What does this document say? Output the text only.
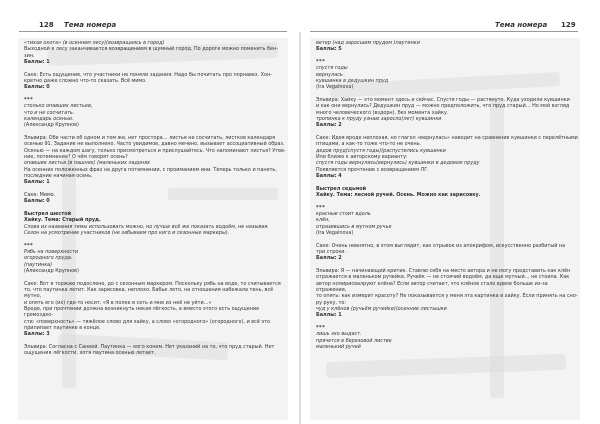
128 Тема номера	Тема номера 129

«тихая охота» (в осеннем лесу)(возвращаясь в город)

Выходной в лесу заканчивается возвращением в шумный город. По дороге можно поменять бен-

зин.

Баллы: 1

Саке: Есть ощущение, что участники не поняли задания. Надо бы почитать про порнавез. Хон-

кретно даже сложно что-то сказать. Всё мимо.

Баллы: 0

***

столько опавших листьев,

что и не сосчитать.

календарь осенью.

(Александр Крупнов)

Эльвира: Обе части об одном и том же, нет простора… листья не сосчитать, листков календаря

осенью 91. Задание не выполнено. Часто увидимое, давно мечено, вызывает ассоциативный образ.

Осенью — на каждом шагу, только присмотреться и прислушайтесь. Что напоминают листья? Утве-

ние, потемнение? О чём говорят осень?

опавшие листья (в пашнях) (маленьких ладонях

На осенних положенных фраз на друга потемнении, с проиманием ини. Теперь только и панеть,

последние начиная осень.

Баллы: 1

Саке: Мимо.

Баллы: 0

Выстрел шестой

Хайку. Тема: Старый пруд.

Слова из названия темы использовать можно, но лучше всё же показать водоём, не называя.

Сезон на усмотрение участников (не забываем про киго и сезонные маркеры).

***

Рябь на поверхности

огородного пруда.

(паутинка)

(Александр Крупнов)

Саке: Вот я торжаю подослено, до с сезонным маркером. Поскольку рябь на воде, то считывается

то, что паутинка летит. Как зарисовка, неплохо. Бабье лето, на отношения набежала тень, всё мутно,

и опять его (их) где-то носит. «Я в полке в сеть и мне из неё не уйти…»

Вроде, при прочтении должна возникнуть некая лёгкость, а вместо этого есть ощущение громоздко-

сти: «поверхность» — тяжёлое слово для хайку, а слово «огородного» (огородного), и всё это

прилипает паутинке в конце.

Баллы: 3

Эльвира: Согласна с Санеей. Паутинка — кого конем. Нет указаний на то, что пруд старый. Нет

ощущения лёгкости, хотя паутина осенью летает.

ветер (над заросшим прудом )паутинки

Баллы: 5

***

спустя годы

вернулась

кувшинка в дедушкин пруд

(Ira Vegalnova)

Эльвира: Хайку — это момент здесь и сейчас. Спустя годы — растянуто. Куда уходили кувшинки

и как они вернулись? Дедушкин пруд — можно предположить, что пруд старый… Но мой взгляд

много человеческого (вздорн), без момента хайку.

тропинка к пруду узнаю заросло(лет) кувшинки

Баллы: 2

Саке: Идея вроде неплохая, но глагол «вернулась» наводит на сравнение кувшинки с перелётными

птицами, а как-то тоже что-то не очень.

дедов пруд(спустя годы)(распустились кувшинки

Или ближе к авторскому варианту:

спустя годы вернулись(вернулись) кувшинки в дедовом пруду

Появляется прочтение с возвращением ЛГ.

Баллы: 4

Выстрел седьмой

Хайку. Тема: лесной ручей. Осень. Можно как зарисовку.

***

красные стоит вдоль

клён,

отразившись в мутном ручье

(Ira Vegalnova)

Саке: Очень невнятно, в этом выглядит, как отрывок из апокрифом, искусственно разбитый на

три строки.

Баллы: 2

Эльвира: Я — начинающий критик. Ставлю себя на место автора и не могу представить как клён

отражается в маленьком ручейке. Ручеёк — не стоячий водоём, да еще мутный… не стоила. Как

автор нсмирисвалруют клёна? Если автор считает, что клёнов стало вдвое больше из-за отражения,

то опять: как измерит красоту? Не показывается у меня эта картинка в хайку. Если принять на сно-

ру руку, то:

чуд у клёнов (ручьём ручейке)(осенние листышки

Баллы: 1

***

лишь эхо выдаст.

прячется в березовой листве

маленький ручей
